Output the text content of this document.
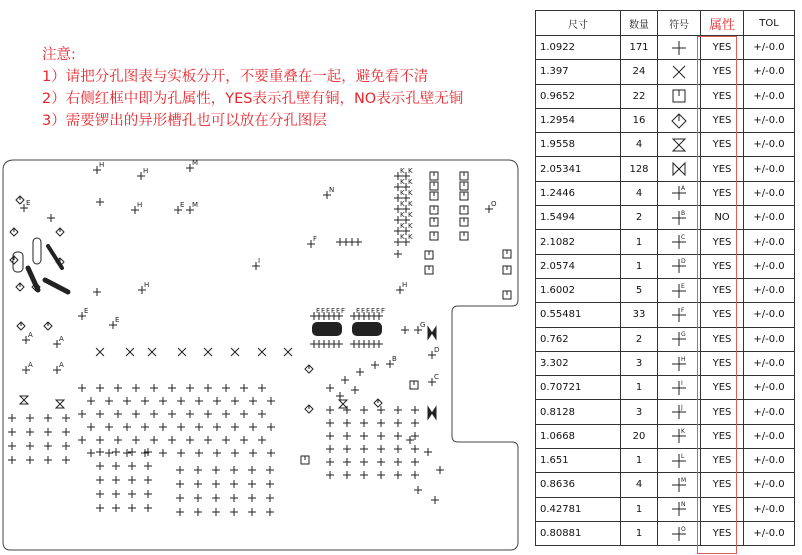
H
H
M
E	H	E M
N
O
F
I
H
H
E
E
A	A
A	A
B
C
D
K K
K K
K K
K K
K K
K K
K K
F F F F F F F F F F F F
G
注意:
1）请把分孔图表与实板分开，不要重叠在一起，避免看不清
2）右侧红框中即为孔属性，YES表示孔壁有铜，NO表示孔壁无铜
3）需要锣出的异形槽孔也可以放在分孔图层
尺寸	数量	符号	属性	TOL
1.0922	171		YES	+/-0.0
1.397	24		YES	+/-0.0
0.9652	22		YES	+/-0.0
1.2954	16		YES	+/-0.0
1.9558	4		YES	+/-0.0
2.05341	128		YES	+/-0.0
1.2446	4	A	YES	+/-0.0
1.5494	2	B	NO	+/-0.0
2.1082	1	C	YES	+/-0.0
2.0574	1	D	YES	+/-0.0
1.6002	5	E	YES	+/-0.0
0.55481	33	F	YES	+/-0.0
0.762	2	G	YES	+/-0.0
3.302	3	H	YES	+/-0.0
0.70721	1	I	YES	+/-0.0
0.8128	3	J	YES	+/-0.0
1.0668	20	K	YES	+/-0.0
1.651	1	L	YES	+/-0.0
0.8636	4	M	YES	+/-0.0
0.42781	1	N	YES	+/-0.0
0.80881	1	O	YES	+/-0.0
